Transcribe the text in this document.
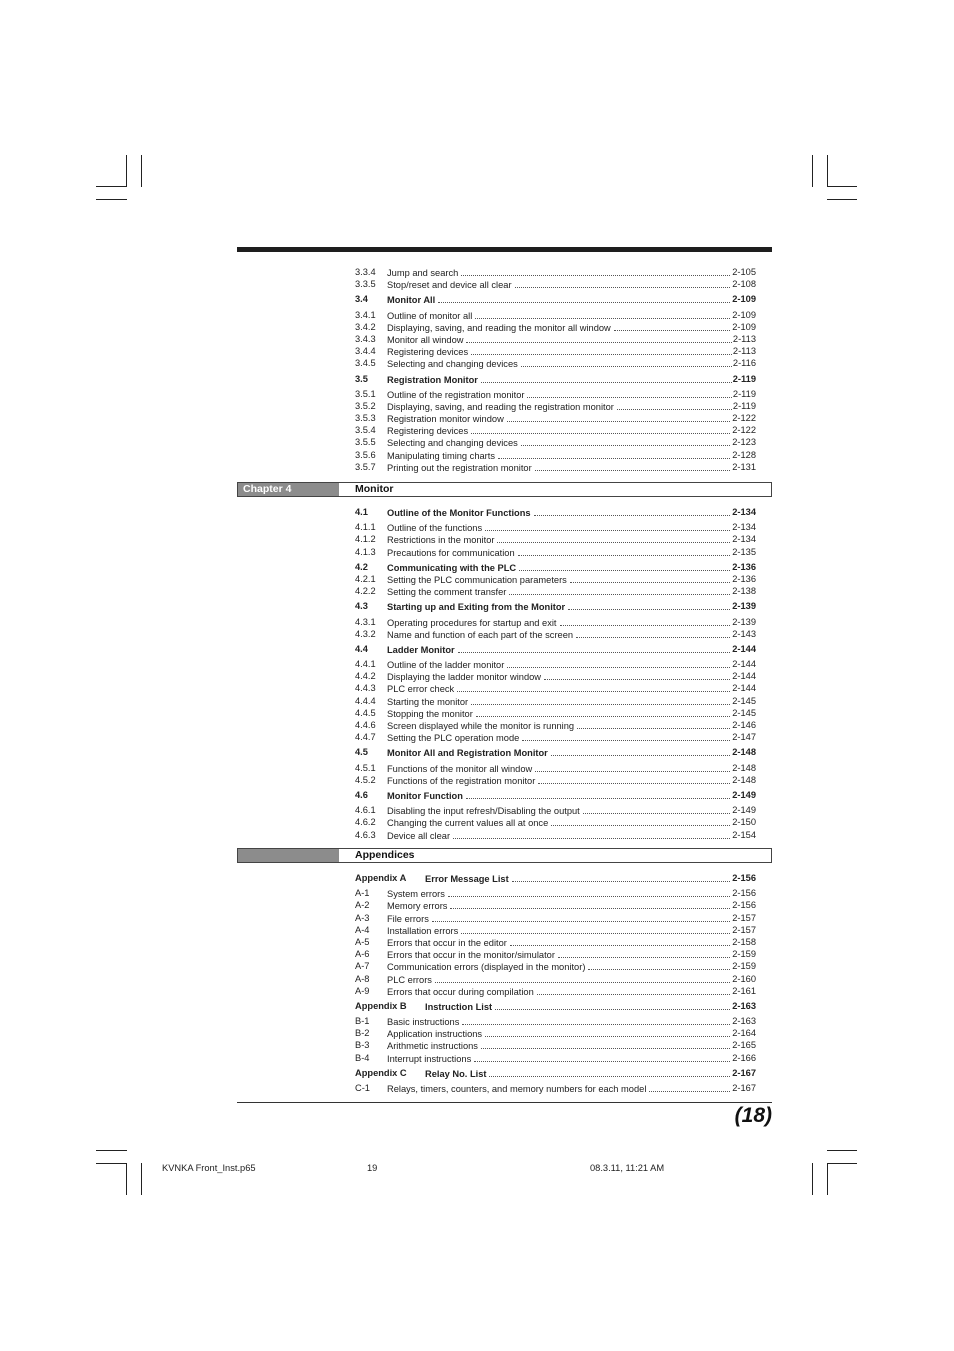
3.3.4 Jump and search	2-105
3.3.5 Stop/reset and device all clear	2-108
3.4 Monitor All	2-109
3.4.1 Outline of monitor all	2-109
3.4.2 Displaying, saving, and reading the monitor all window	2-109
3.4.3 Monitor all window	2-113
3.4.4 Registering devices	2-113
3.4.5 Selecting and changing devices	2-116
3.5 Registration Monitor	2-119
3.5.1 Outline of the registration monitor	2-119
3.5.2 Displaying, saving, and reading the registration monitor	2-119
3.5.3 Registration monitor window	2-122
3.5.4 Registering devices	2-122
3.5.5 Selecting and changing devices	2-123
3.5.6 Manipulating timing charts	2-128
3.5.7 Printing out the registration monitor	2-131
Chapter 4	Monitor
4.1 Outline of the Monitor Functions	2-134
4.1.1 Outline of the functions	2-134
4.1.2 Restrictions in the monitor	2-134
4.1.3 Precautions for communication	2-135
4.2 Communicating with the PLC	2-136
4.2.1 Setting the PLC communication parameters	2-136
4.2.2 Setting the comment transfer	2-138
4.3 Starting up and Exiting from the Monitor	2-139
4.3.1 Operating procedures for startup and exit	2-139
4.3.2 Name and function of each part of the screen	2-143
4.4 Ladder Monitor	2-144
4.4.1 Outline of the ladder monitor	2-144
4.4.2 Displaying the ladder monitor window	2-144
4.4.3 PLC error check	2-144
4.4.4 Starting the monitor	2-145
4.4.5 Stopping the monitor	2-145
4.4.6 Screen displayed while the monitor is running	2-146
4.4.7 Setting the PLC operation mode	2-147
4.5 Monitor All and Registration Monitor	2-148
4.5.1 Functions of the monitor all window	2-148
4.5.2 Functions of the registration monitor	2-148
4.6 Monitor Function	2-149
4.6.1 Disabling the input refresh/Disabling the output	2-149
4.6.2 Changing the current values all at once	2-150
4.6.3 Device all clear	2-154
Appendices
Appendix A Error Message List	2-156
A-1 System errors	2-156
A-2 Memory errors	2-156
A-3 File errors	2-157
A-4 Installation errors	2-157
A-5 Errors that occur in the editor	2-158
A-6 Errors that occur in the monitor/simulator	2-159
A-7 Communication errors (displayed in the monitor)	2-159
A-8 PLC errors	2-160
A-9 Errors that occur during compilation	2-161
Appendix B Instruction List	2-163
B-1 Basic instructions	2-163
B-2 Application instructions	2-164
B-3 Arithmetic instructions	2-165
B-4 Interrupt instructions	2-166
Appendix C Relay No. List	2-167
C-1 Relays, timers, counters, and memory numbers for each model	2-167
(18)
KVNKA Front_Inst.p65	19	08.3.11, 11:21 AM
